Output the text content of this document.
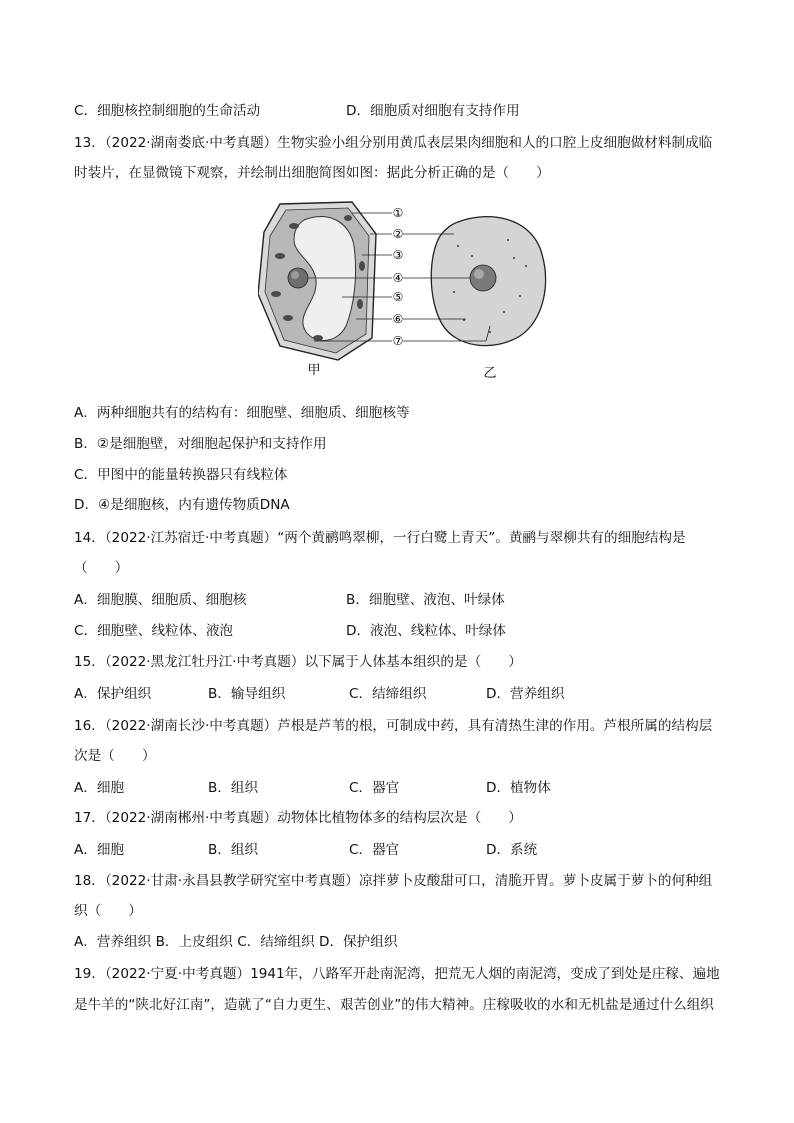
C．细胞核控制细胞的生命活动	D．细胞质对细胞有支持作用
13．（2022·湖南娄底·中考真题）生物实验小组分别用黄瓜表层果肉细胞和人的口腔上皮细胞做材料制成临
时装片，在显微镜下观察，并绘制出细胞简图如图：据此分析正确的是（　　）
①
②
③
④
⑤
⑥
⑦
甲	乙
A．两种细胞共有的结构有：细胞壁、细胞质、细胞核等
B．②是细胞壁，对细胞起保护和支持作用
C．甲图中的能量转换器只有线粒体
D．④是细胞核，内有遗传物质DNA
14．（2022·江苏宿迁·中考真题）“两个黄鹂鸣翠柳，一行白鹭上青天”。黄鹂与翠柳共有的细胞结构是
（　　）
A．细胞膜、细胞质、细胞核	B．细胞壁、液泡、叶绿体
C．细胞壁、线粒体、液泡	D．液泡、线粒体、叶绿体
15．（2022·黑龙江牡丹江·中考真题）以下属于人体基本组织的是（　　）
A．保护组织	B．输导组织	C．结缔组织	D．营养组织
16．（2022·湖南长沙·中考真题）芦根是芦苇的根，可制成中药，具有清热生津的作用。芦根所属的结构层
次是（　　）
A．细胞	B．组织	C．器官	D．植物体
17．（2022·湖南郴州·中考真题）动物体比植物体多的结构层次是（　　）
A．细胞	B．组织	C．器官	D．系统
18．（2022·甘肃·永昌县教学研究室中考真题）凉拌萝卜皮酸甜可口，清脆开胃。萝卜皮属于萝卜的何种组
织（　　）
A．营养组织 B．上皮组织 C．结缔组织 D．保护组织
19．（2022·宁夏·中考真题）1941年，八路军开赴南泥湾，把荒无人烟的南泥湾，变成了到处是庄稼、遍地
是牛羊的“陕北好江南”，造就了“自力更生、艰苦创业”的伟大精神。庄稼吸收的水和无机盐是通过什么组织
